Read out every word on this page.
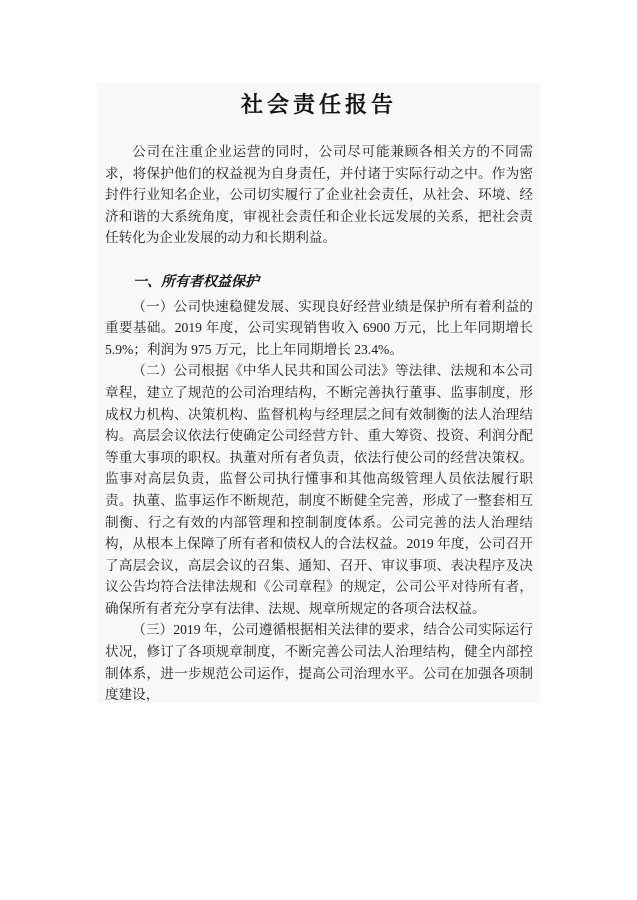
社会责任报告

公司在注重企业运营的同时，公司尽可能兼顾各相关方的不同需求，将保护他们的权益视为自身责任，并付诸于实际行动之中。作为密封件行业知名企业，公司切实履行了企业社会责任，从社会、环境、经济和谐的大系统角度，审视社会责任和企业长远发展的关系，把社会责任转化为企业发展的动力和长期利益。

一、所有者权益保护

（一）公司快速稳健发展、实现良好经营业绩是保护所有着利益的重要基础。2019 年度，公司实现销售收入 6900 万元，比上年同期增长 5.9%；利润为 975 万元，比上年同期增长 23.4%。

（二）公司根据《中华人民共和国公司法》等法律、法规和本公司章程，建立了规范的公司治理结构，不断完善执行董事、监事制度，形成权力机构、决策机构、监督机构与经理层之间有效制衡的法人治理结构。高层会议依法行使确定公司经营方针、重大筹资、投资、利润分配等重大事项的职权。执董对所有者负责，依法行使公司的经营决策权。监事对高层负责，监督公司执行懂事和其他高级管理人员依法履行职责。执董、监事运作不断规范，制度不断健全完善，形成了一整套相互制衡、行之有效的内部管理和控制制度体系。公司完善的法人治理结构，从根本上保障了所有者和债权人的合法权益。2019 年度，公司召开了高层会议，高层会议的召集、通知、召开、审议事项、表决程序及决议公告均符合法律法规和《公司章程》的规定，公司公平对待所有者，确保所有者充分享有法律、法规、规章所规定的各项合法权益。

（三）2019 年，公司遵循根据相关法律的要求，结合公司实际运行状况，修订了各项规章制度，不断完善公司法人治理结构，健全内部控制体系，进一步规范公司运作，提高公司治理水平。公司在加强各项制度建设，
